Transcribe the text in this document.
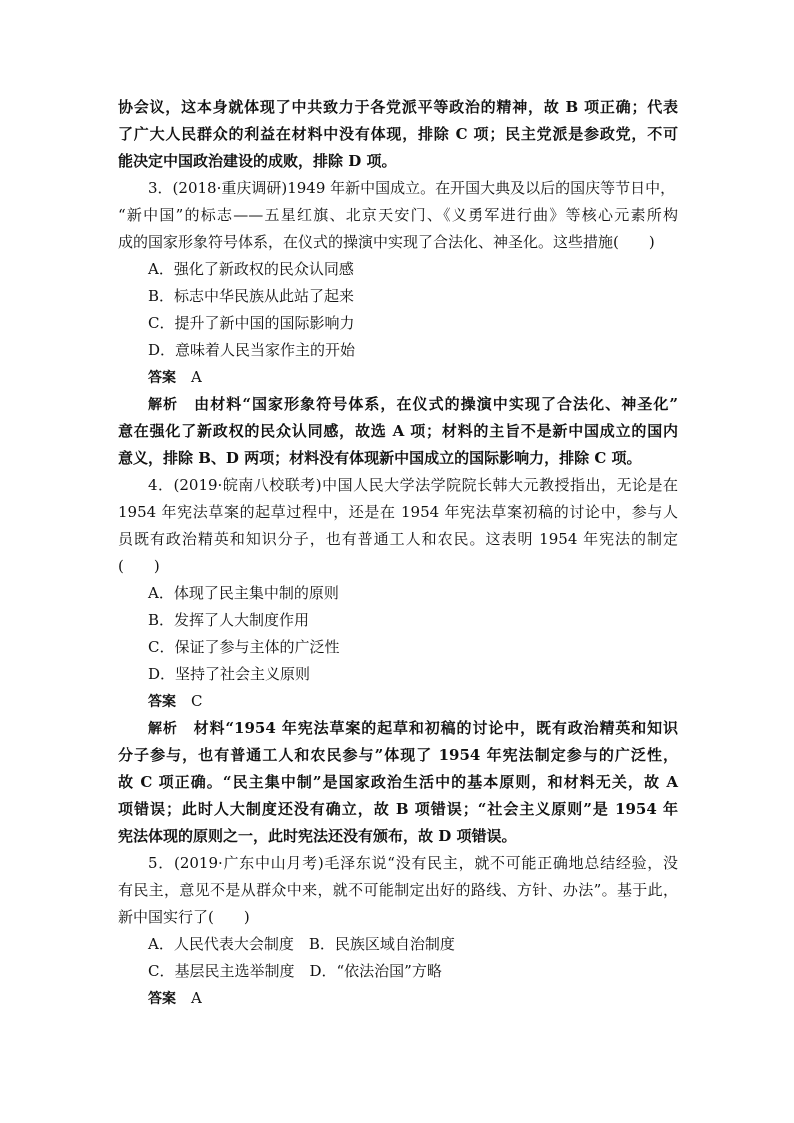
协会议，这本身就体现了中共致力于各党派平等政治的精神，故 B 项正确；代表
了广大人民群众的利益在材料中没有体现，排除 C 项；民主党派是参政党，不可
能决定中国政治建设的成败，排除 D 项。
3．(2018·重庆调研)1949 年新中国成立。在开国大典及以后的国庆等节日中，
“新中国”的标志——五星红旗、北京天安门、《义勇军进行曲》等核心元素所构
成的国家形象符号体系，在仪式的操演中实现了合法化、神圣化。这些措施(　　)
A．强化了新政权的民众认同感
B．标志中华民族从此站了起来
C．提升了新中国的国际影响力
D．意味着人民当家作主的开始
答案  A
解析  由材料“国家形象符号体系，在仪式的操演中实现了合法化、神圣化”
意在强化了新政权的民众认同感，故选 A 项；材料的主旨不是新中国成立的国内
意义，排除 B、D 两项；材料没有体现新中国成立的国际影响力，排除 C 项。
4．(2019·皖南八校联考)中国人民大学法学院院长韩大元教授指出，无论是在
1954 年宪法草案的起草过程中，还是在 1954 年宪法草案初稿的讨论中，参与人
员既有政治精英和知识分子，也有普通工人和农民。这表明 1954 年宪法的制定
(　　)
A．体现了民主集中制的原则
B．发挥了人大制度作用
C．保证了参与主体的广泛性
D．坚持了社会主义原则
答案  C
解析  材料“1954 年宪法草案的起草和初稿的讨论中，既有政治精英和知识
分子参与，也有普通工人和农民参与”体现了 1954 年宪法制定参与的广泛性，
故 C 项正确。“民主集中制”是国家政治生活中的基本原则，和材料无关，故 A
项错误；此时人大制度还没有确立，故 B 项错误；“社会主义原则”是 1954 年
宪法体现的原则之一，此时宪法还没有颁布，故 D 项错误。
5．(2019·广东中山月考)毛泽东说“没有民主，就不可能正确地总结经验，没
有民主，意见不是从群众中来，就不可能制定出好的路线、方针、办法”。基于此，
新中国实行了(　　)
A．人民代表大会制度　B．民族区域自治制度
C．基层民主选举制度　D．“依法治国”方略
答案  A
